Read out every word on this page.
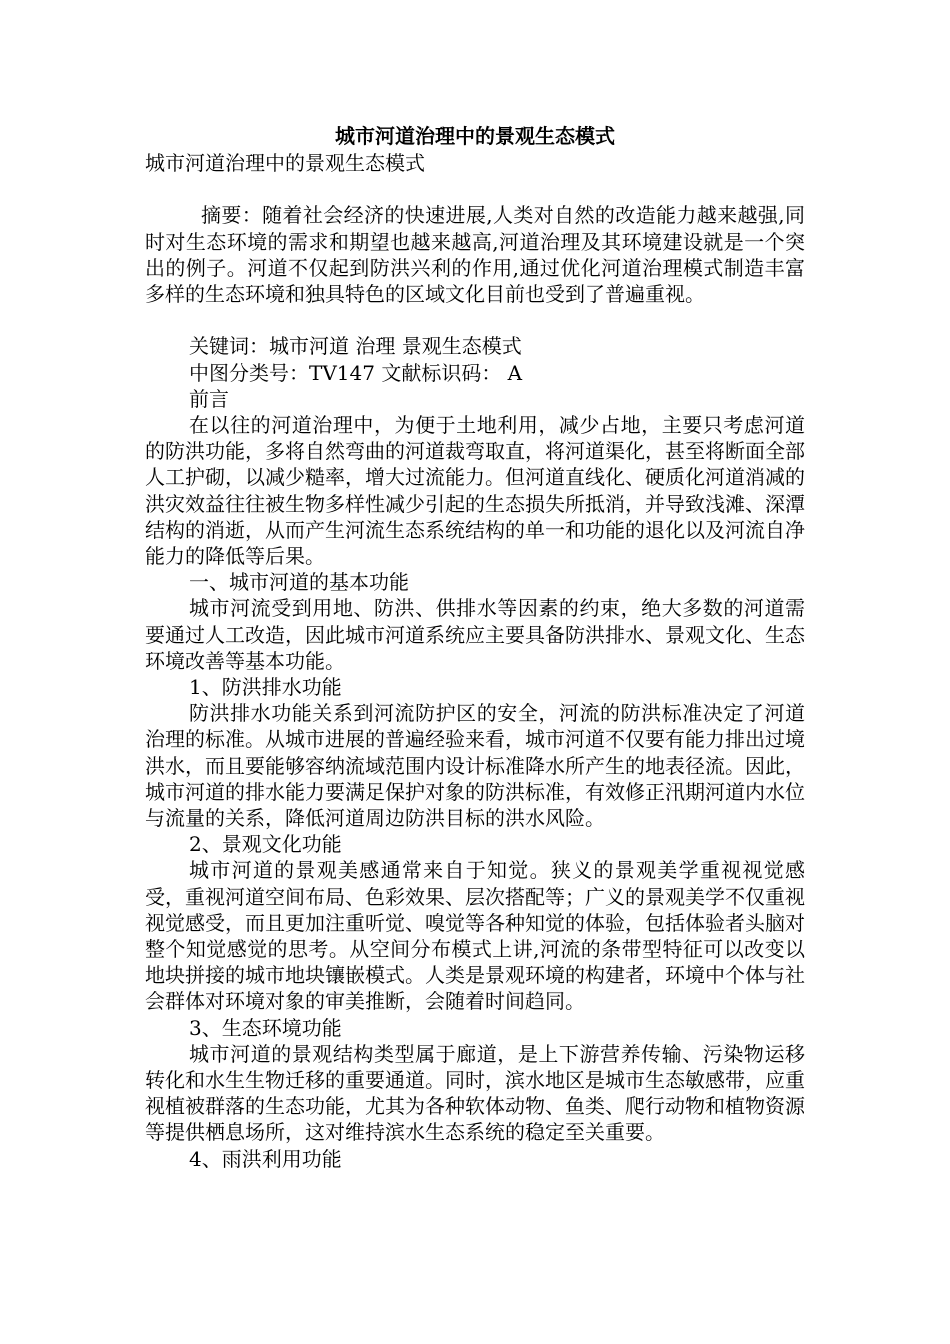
城市河道治理中的景观生态模式

城市河道治理中的景观生态模式

摘要：随着社会经济的快速进展,人类对自然的改造能力越来越强,同时对生态环境的需求和期望也越来越高,河道治理及其环境建设就是一个突出的例子。河道不仅起到防洪兴利的作用,通过优化河道治理模式制造丰富多样的生态环境和独具特色的区域文化目前也受到了普遍重视。

关键词：城市河道 治理 景观生态模式

中图分类号：TV147 文献标识码： A

前言

在以往的河道治理中，为便于土地利用，减少占地，主要只考虑河道的防洪功能，多将自然弯曲的河道裁弯取直，将河道渠化，甚至将断面全部人工护砌，以减少糙率，增大过流能力。但河道直线化、硬质化河道消减的洪灾效益往往被生物多样性减少引起的生态损失所抵消，并导致浅滩、深潭结构的消逝，从而产生河流生态系统结构的单一和功能的退化以及河流自净能力的降低等后果。

一、城市河道的基本功能

城市河流受到用地、防洪、供排水等因素的约束，绝大多数的河道需要通过人工改造，因此城市河道系统应主要具备防洪排水、景观文化、生态环境改善等基本功能。

1、防洪排水功能

防洪排水功能关系到河流防护区的安全，河流的防洪标准决定了河道治理的标准。从城市进展的普遍经验来看，城市河道不仅要有能力排出过境洪水，而且要能够容纳流域范围内设计标准降水所产生的地表径流。因此，城市河道的排水能力要满足保护对象的防洪标准，有效修正汛期河道内水位与流量的关系，降低河道周边防洪目标的洪水风险。

2、景观文化功能

城市河道的景观美感通常来自于知觉。狭义的景观美学重视视觉感受，重视河道空间布局、色彩效果、层次搭配等；广义的景观美学不仅重视视觉感受，而且更加注重听觉、嗅觉等各种知觉的体验，包括体验者头脑对整个知觉感觉的思考。从空间分布模式上讲,河流的条带型特征可以改变以地块拼接的城市地块镶嵌模式。人类是景观环境的构建者，环境中个体与社会群体对环境对象的审美推断，会随着时间趋同。

3、生态环境功能

城市河道的景观结构类型属于廊道，是上下游营养传输、污染物运移转化和水生生物迁移的重要通道。同时，滨水地区是城市生态敏感带，应重视植被群落的生态功能，尤其为各种软体动物、鱼类、爬行动物和植物资源等提供栖息场所，这对维持滨水生态系统的稳定至关重要。

4、雨洪利用功能
